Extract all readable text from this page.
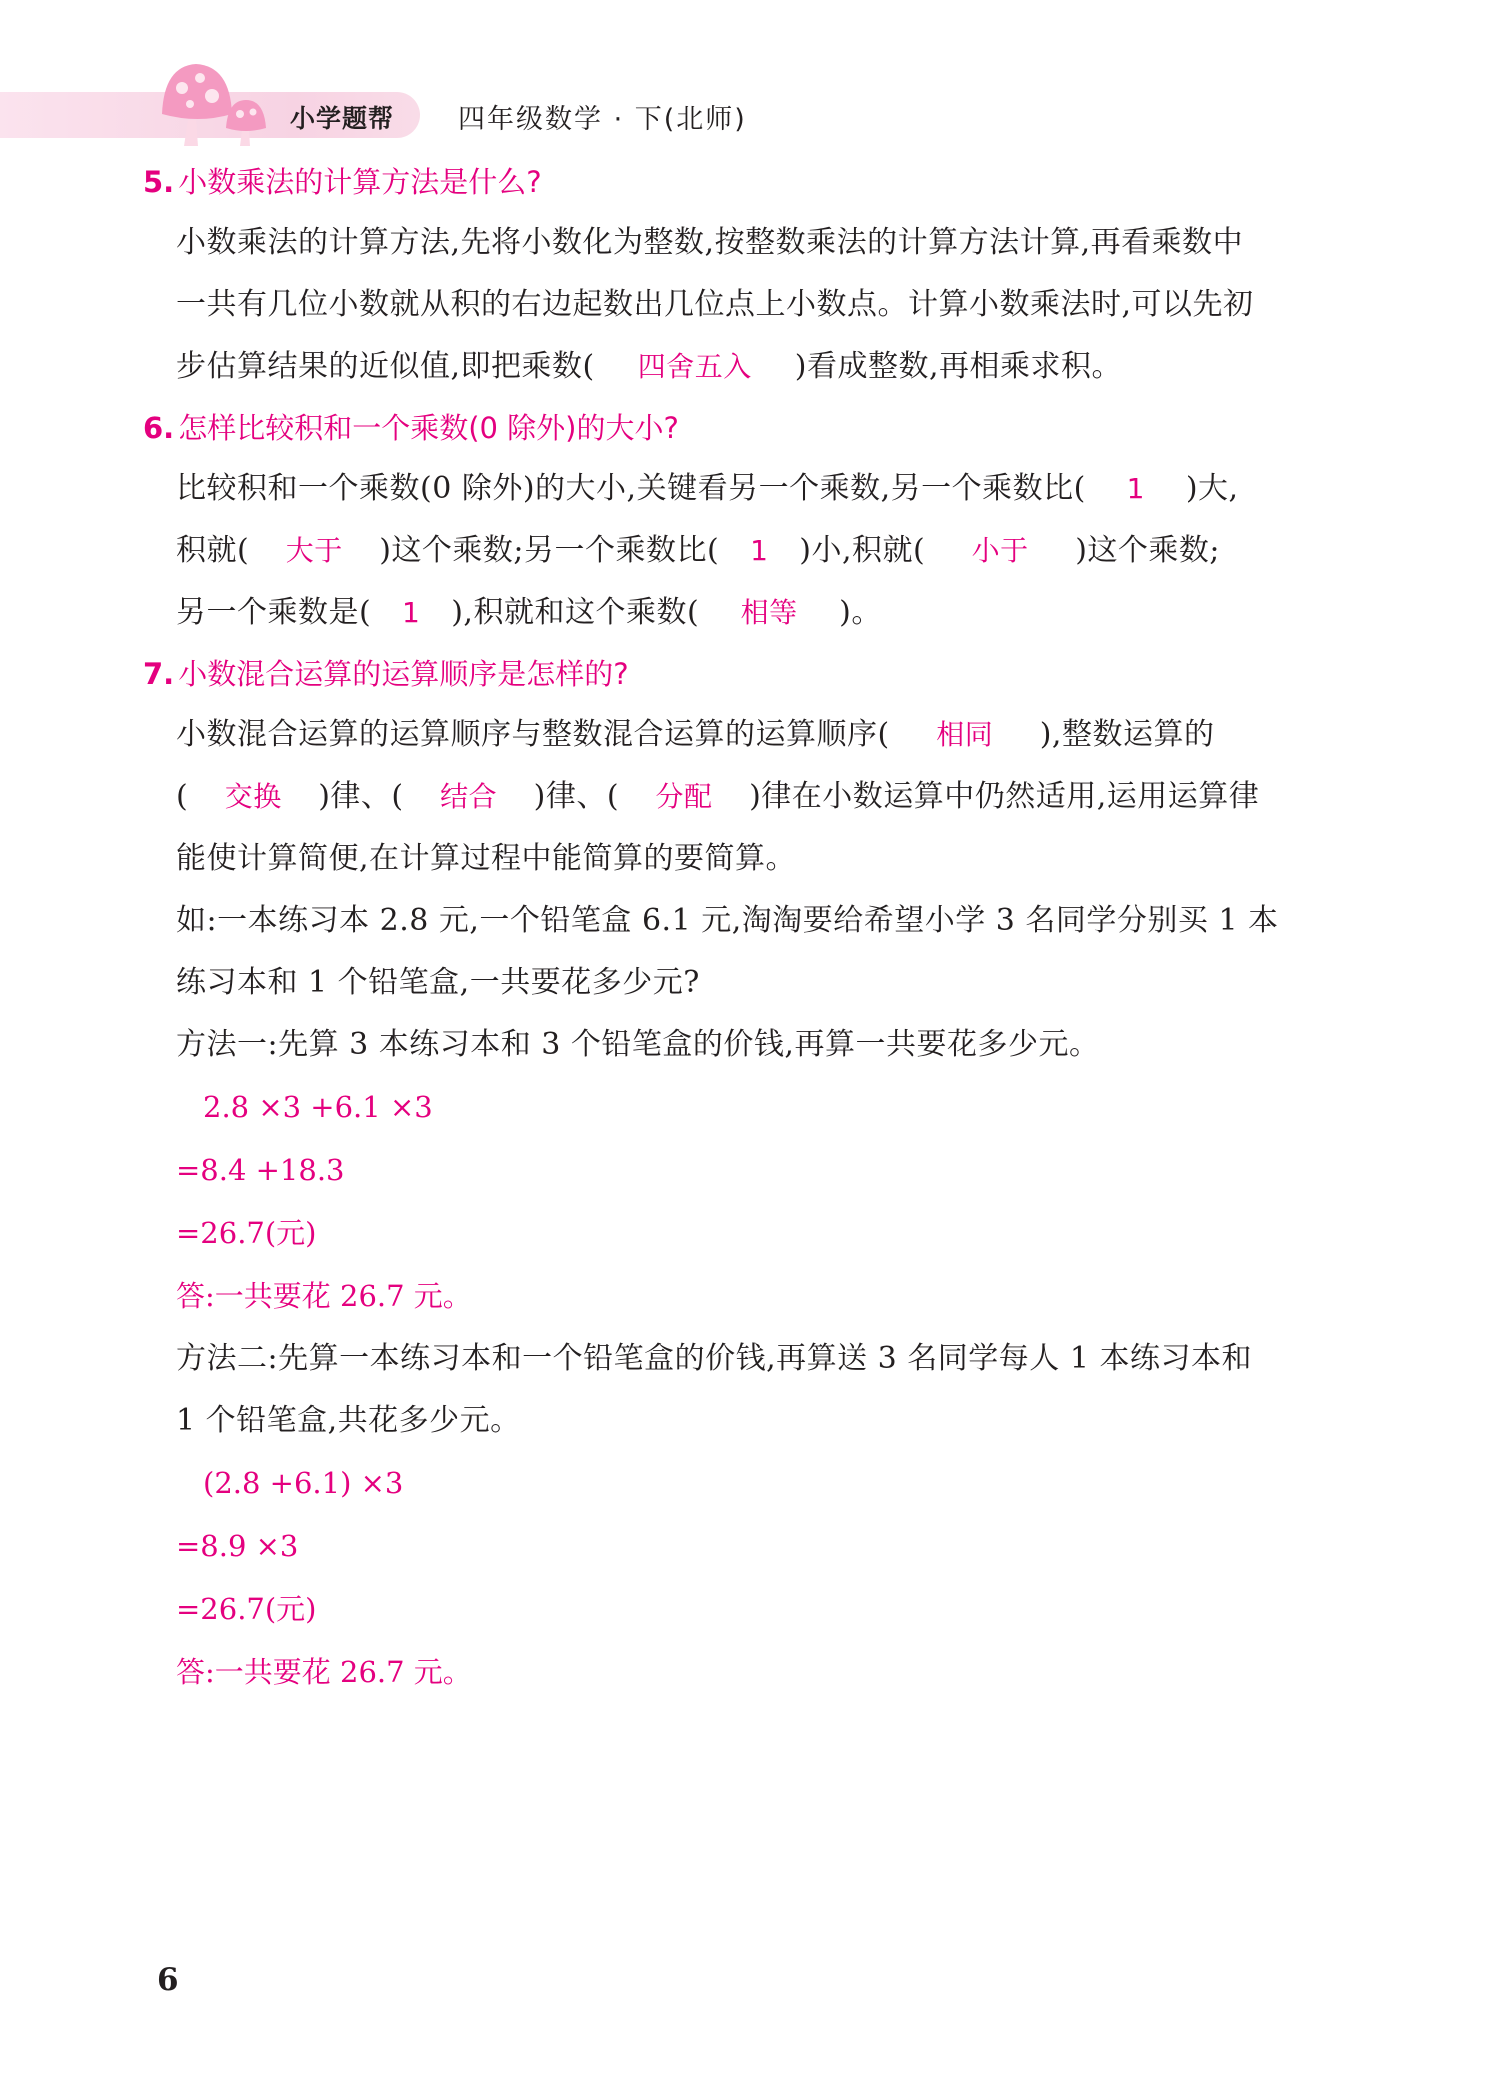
小学题帮 四年级数学 · 下(北师)
5. 小数乘法的计算方法是什么?
小数乘法的计算方法,先将小数化为整数,按整数乘法的计算方法计算,再看乘数中
一共有几位小数就从积的右边起数出几位点上小数点。计算小数乘法时,可以先初
步估算结果的近似值,即把乘数( 四舍五入 )看成整数,再相乘求积。
6. 怎样比较积和一个乘数(0 除外)的大小?
比较积和一个乘数(0 除外)的大小,关键看另一个乘数,另一个乘数比( 1 )大,
积就( 大于 )这个乘数;另一个乘数比( 1 )小,积就( 小于 )这个乘数;
另一个乘数是( 1 ),积就和这个乘数( 相等 )。
7. 小数混合运算的运算顺序是怎样的?
小数混合运算的运算顺序与整数混合运算的运算顺序( 相同 ),整数运算的
( 交换 )律、( 结合 )律、( 分配 )律在小数运算中仍然适用,运用运算律
能使计算简便,在计算过程中能简算的要简算。
如:一本练习本 2.8 元,一个铅笔盒 6.1 元,淘淘要给希望小学 3 名同学分别买 1 本
练习本和 1 个铅笔盒,一共要花多少元?
方法一:先算 3 本练习本和 3 个铅笔盒的价钱,再算一共要花多少元。
2.8 ×3 +6.1 ×3
=8.4 +18.3
=26.7(元)
答:一共要花 26.7 元。
方法二:先算一本练习本和一个铅笔盒的价钱,再算送 3 名同学每人 1 本练习本和
1 个铅笔盒,共花多少元。
(2.8 +6.1) ×3
=8.9 ×3
=26.7(元)
答:一共要花 26.7 元。
6
